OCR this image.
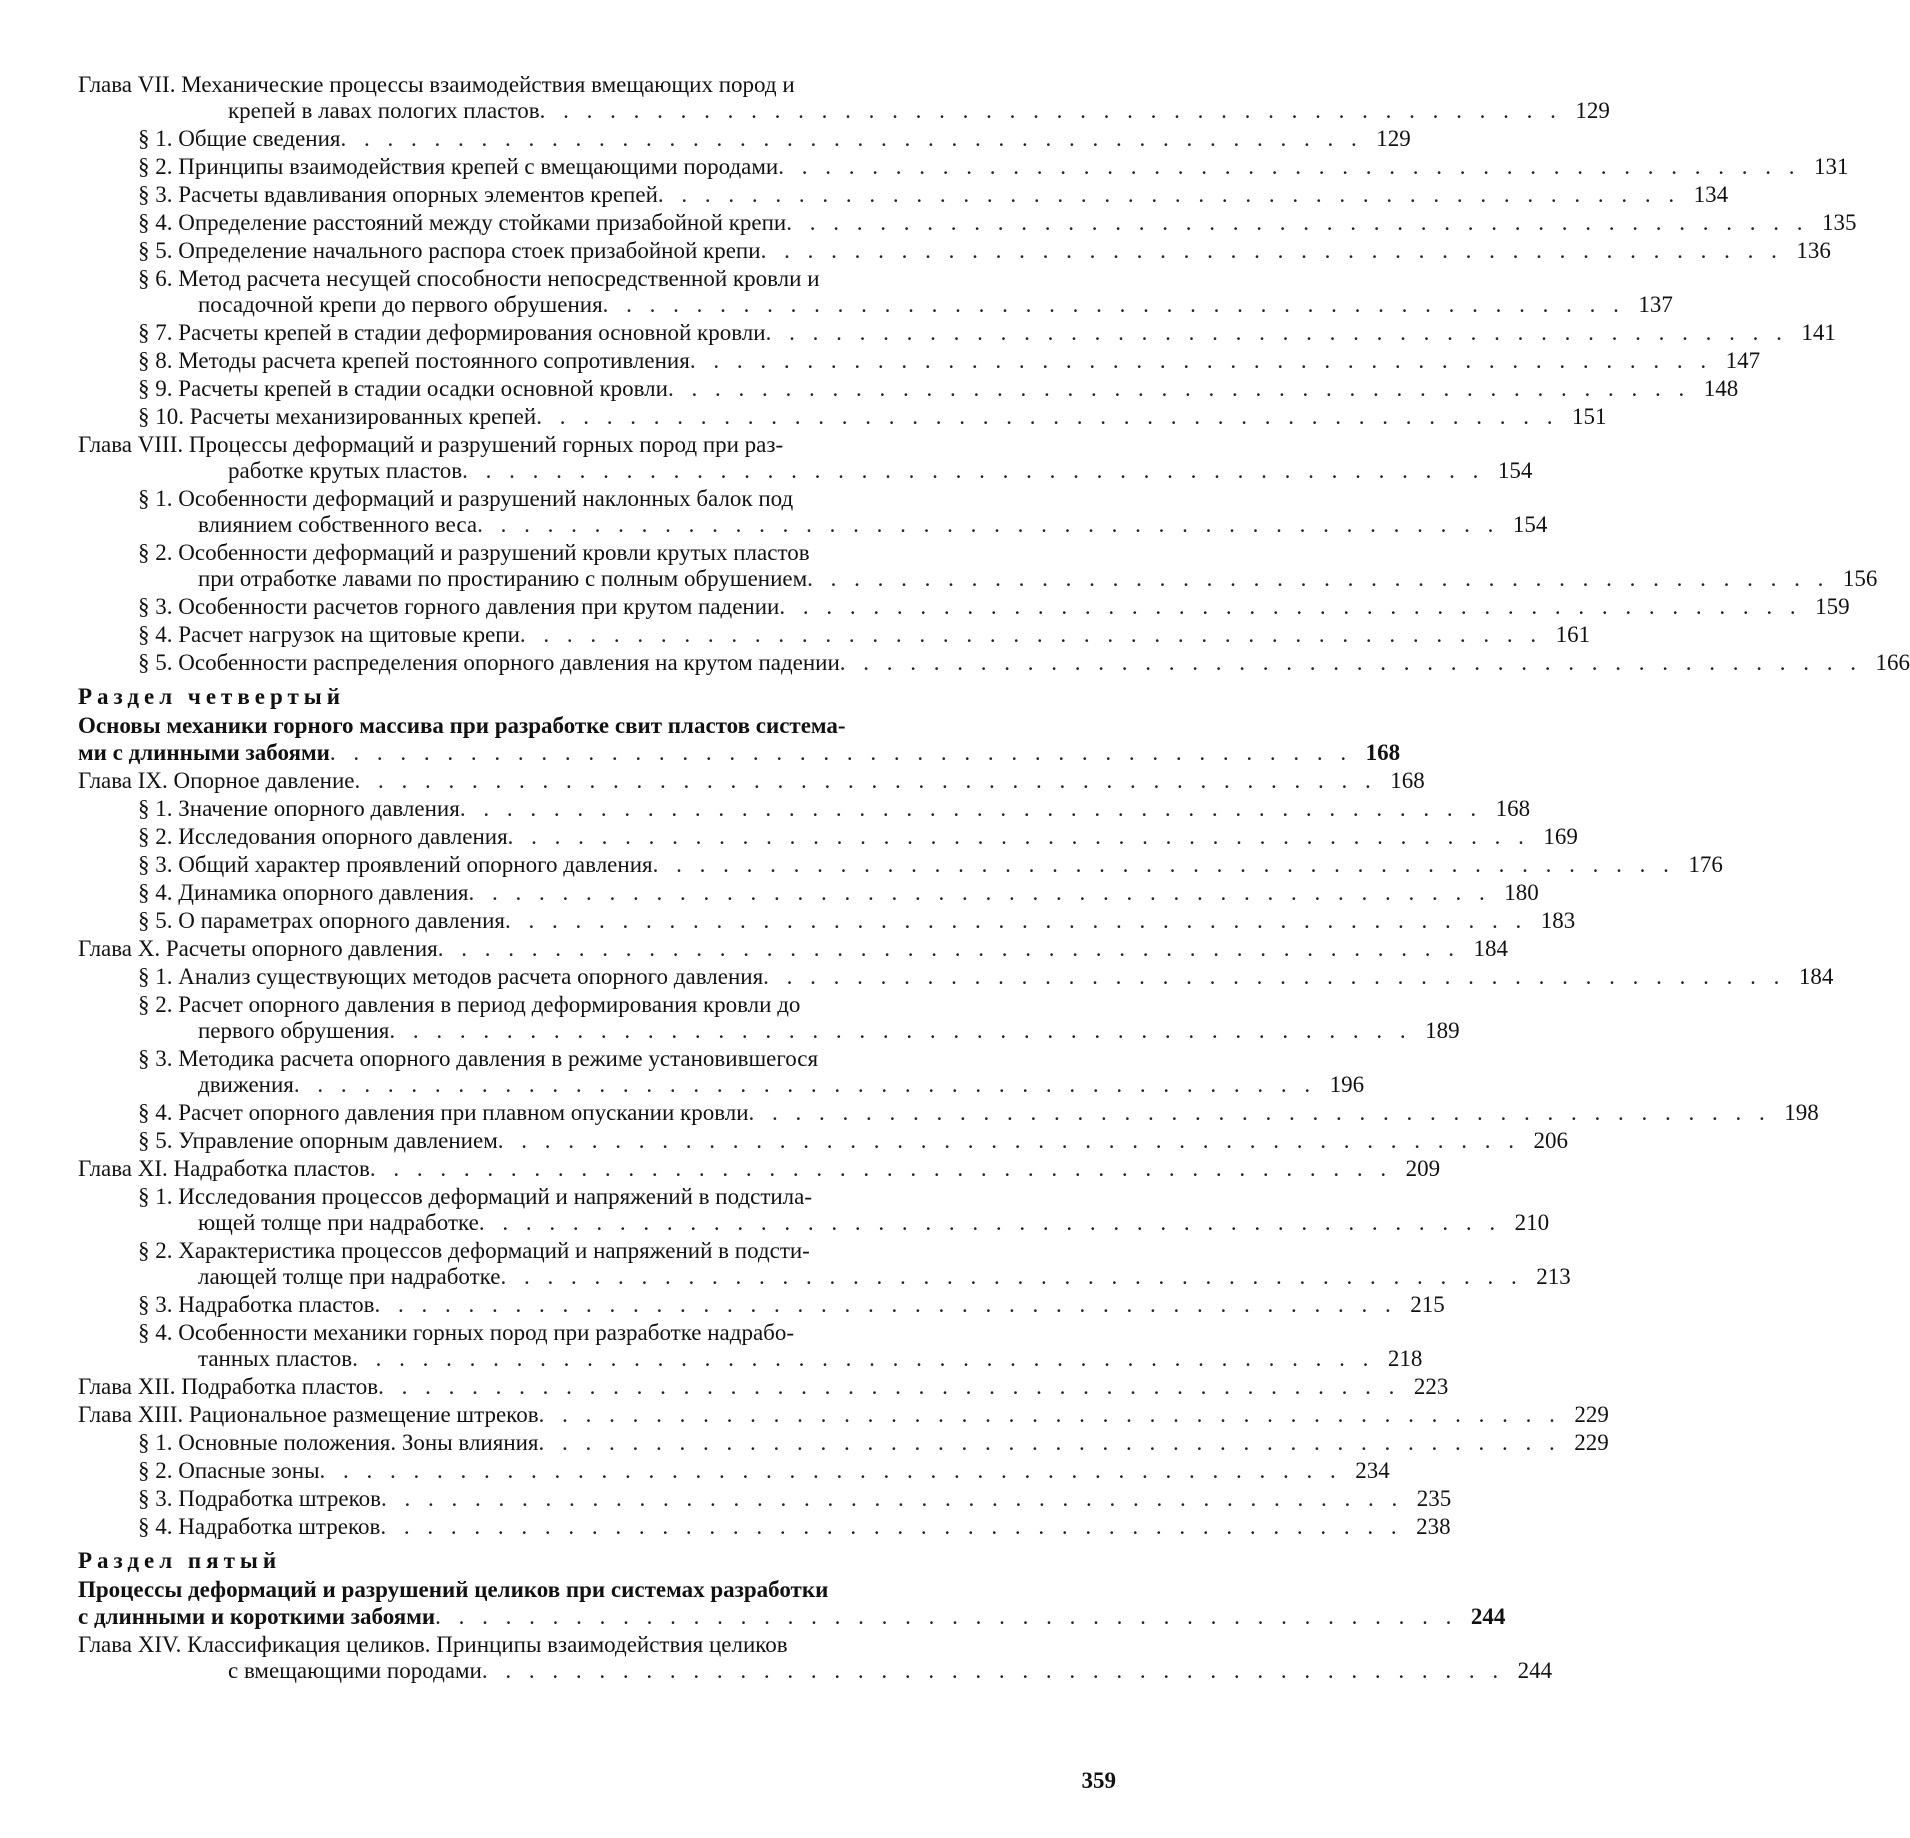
Глава VII. Механические процессы взаимодействия вмещающих пород и
крепей в лавах пологих пластов . . . . . . . . . . . . . . . . . . . . . . . . . . . . . . . . . . . . . . . . . . . . 129
§ 1. Общие сведения . . . . . . . . . . . . . . . . . . . . . . . . . . . . . . . . . . . . . . . . . . . . 129
§ 2. Принципы взаимодействия крепей с вмещающими породами . . . . . . . . . . . . . . . . . . . . . . . . . . . . . . . . . . . . . . . . . . . . 131
§ 3. Расчеты вдавливания опорных элементов крепей . . . . . . . . . . . . . . . . . . . . . . . . . . . . . . . . . . . . . . . . . . . . 134
§ 4. Определение расстояний между стойками призабойной крепи . . . . . . . . . . . . . . . . . . . . . . . . . . . . . . . . . . . . . . . . . . . . 135
§ 5. Определение начального распора стоек призабойной крепи . . . . . . . . . . . . . . . . . . . . . . . . . . . . . . . . . . . . . . . . . . . . 136
§ 6. Метод расчета несущей способности непосредственной кровли и
посадочной крепи до первого обрушения . . . . . . . . . . . . . . . . . . . . . . . . . . . . . . . . . . . . . . . . . . . . 137
§ 7. Расчеты крепей в стадии деформирования основной кровли . . . . . . . . . . . . . . . . . . . . . . . . . . . . . . . . . . . . . . . . . . . . 141
§ 8. Методы расчета крепей постоянного сопротивления . . . . . . . . . . . . . . . . . . . . . . . . . . . . . . . . . . . . . . . . . . . . 147
§ 9. Расчеты крепей в стадии осадки основной кровли . . . . . . . . . . . . . . . . . . . . . . . . . . . . . . . . . . . . . . . . . . . . 148
§ 10. Расчеты механизированных крепей . . . . . . . . . . . . . . . . . . . . . . . . . . . . . . . . . . . . . . . . . . . . 151
Глава VIII. Процессы деформаций и разрушений горных пород при раз-
работке крутых пластов . . . . . . . . . . . . . . . . . . . . . . . . . . . . . . . . . . . . . . . . . . . . 154
§ 1. Особенности деформаций и разрушений наклонных балок под
влиянием собственного веса . . . . . . . . . . . . . . . . . . . . . . . . . . . . . . . . . . . . . . . . . . . . 154
§ 2. Особенности деформаций и разрушений кровли крутых пластов
при отработке лавами по простиранию с полным обрушением . . . . . . . . . . . . . . . . . . . . . . . . . . . . . . . . . . . . . . . . . . . . 156
§ 3. Особенности расчетов горного давления при крутом падении . . . . . . . . . . . . . . . . . . . . . . . . . . . . . . . . . . . . . . . . . . . . 159
§ 4. Расчет нагрузок на щитовые крепи . . . . . . . . . . . . . . . . . . . . . . . . . . . . . . . . . . . . . . . . . . . . 161
§ 5. Особенности распределения опорного давления на крутом падении . . . . . . . . . . . . . . . . . . . . . . . . . . . . . . . . . . . . . . . . . . . . 166
Раздел четвертый
Основы механики горного массива при разработке свит пластов система-
ми с длинными забоями . . . . . . . . . . . . . . . . . . . . . . . . . . . . . . . . . . . . . . . . . . . . 168
Глава IX. Опорное давление . . . . . . . . . . . . . . . . . . . . . . . . . . . . . . . . . . . . . . . . . . . . 168
§ 1. Значение опорного давления . . . . . . . . . . . . . . . . . . . . . . . . . . . . . . . . . . . . . . . . . . . . 168
§ 2. Исследования опорного давления . . . . . . . . . . . . . . . . . . . . . . . . . . . . . . . . . . . . . . . . . . . . 169
§ 3. Общий характер проявлений опорного давления . . . . . . . . . . . . . . . . . . . . . . . . . . . . . . . . . . . . . . . . . . . . 176
§ 4. Динамика опорного давления . . . . . . . . . . . . . . . . . . . . . . . . . . . . . . . . . . . . . . . . . . . . 180
§ 5. О параметрах опорного давления . . . . . . . . . . . . . . . . . . . . . . . . . . . . . . . . . . . . . . . . . . . . 183
Глава X. Расчеты опорного давления . . . . . . . . . . . . . . . . . . . . . . . . . . . . . . . . . . . . . . . . . . . . 184
§ 1. Анализ существующих методов расчета опорного давления . . . . . . . . . . . . . . . . . . . . . . . . . . . . . . . . . . . . . . . . . . . . 184
§ 2. Расчет опорного давления в период деформирования кровли до
первого обрушения . . . . . . . . . . . . . . . . . . . . . . . . . . . . . . . . . . . . . . . . . . . . 189
§ 3. Методика расчета опорного давления в режиме установившегося
движения . . . . . . . . . . . . . . . . . . . . . . . . . . . . . . . . . . . . . . . . . . . . 196
§ 4. Расчет опорного давления при плавном опускании кровли . . . . . . . . . . . . . . . . . . . . . . . . . . . . . . . . . . . . . . . . . . . . 198
§ 5. Управление опорным давлением . . . . . . . . . . . . . . . . . . . . . . . . . . . . . . . . . . . . . . . . . . . . 206
Глава XI. Надработка пластов . . . . . . . . . . . . . . . . . . . . . . . . . . . . . . . . . . . . . . . . . . . . 209
§ 1. Исследования процессов деформаций и напряжений в подстила-
ющей толще при надработке . . . . . . . . . . . . . . . . . . . . . . . . . . . . . . . . . . . . . . . . . . . . 210
§ 2. Характеристика процессов деформаций и напряжений в подсти-
лающей толще при надработке . . . . . . . . . . . . . . . . . . . . . . . . . . . . . . . . . . . . . . . . . . . . 213
§ 3. Надработка пластов . . . . . . . . . . . . . . . . . . . . . . . . . . . . . . . . . . . . . . . . . . . . 215
§ 4. Особенности механики горных пород при разработке надрабо-
танных пластов . . . . . . . . . . . . . . . . . . . . . . . . . . . . . . . . . . . . . . . . . . . . 218
Глава XII. Подработка пластов . . . . . . . . . . . . . . . . . . . . . . . . . . . . . . . . . . . . . . . . . . . . 223
Глава XIII. Рациональное размещение штреков . . . . . . . . . . . . . . . . . . . . . . . . . . . . . . . . . . . . . . . . . . . . 229
§ 1. Основные положения. Зоны влияния . . . . . . . . . . . . . . . . . . . . . . . . . . . . . . . . . . . . . . . . . . . . 229
§ 2. Опасные зоны . . . . . . . . . . . . . . . . . . . . . . . . . . . . . . . . . . . . . . . . . . . . 234
§ 3. Подработка штреков . . . . . . . . . . . . . . . . . . . . . . . . . . . . . . . . . . . . . . . . . . . . 235
§ 4. Надработка штреков . . . . . . . . . . . . . . . . . . . . . . . . . . . . . . . . . . . . . . . . . . . . 238
Раздел пятый
Процессы деформаций и разрушений целиков при системах разработки
с длинными и короткими забоями . . . . . . . . . . . . . . . . . . . . . . . . . . . . . . . . . . . . . . . . . . . . 244
Глава XIV. Классификация целиков. Принципы взаимодействия целиков
с вмещающими породами . . . . . . . . . . . . . . . . . . . . . . . . . . . . . . . . . . . . . . . . . . . . 244
359
